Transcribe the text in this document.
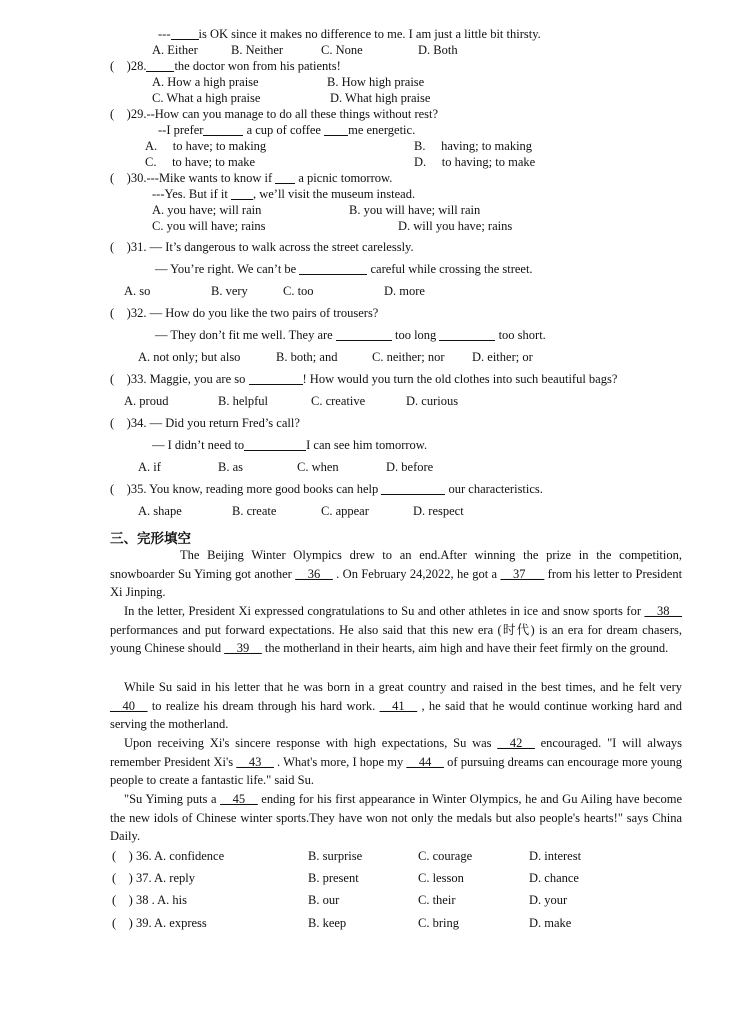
--- is OK since it makes no difference to me. I am just a little bit thirsty.
A. Either	B. Neither	C. None	D. Both
(    )28. the doctor won from his patients!
A. How a high praise	B. How high praise
C. What a high praise	D. What high praise
(    )29.--How can you manage to do all these things without rest?
--I prefer	a cup of coffee me energetic.
A.     to have; to making	B.     having; to making
C.     to have; to make	D.     to having; to make
(    )30.---Mike wants to know if a picnic tomorrow.
---Yes. But if it , we’ll visit the museum instead.
A. you have; will rain	B. you will have; will rain
C. you will have; rains	D. will you have; rains
(    )31. — It’s dangerous to walk across the street carelessly.
— You’re right. We can’t be	careful while crossing the street.
A. so	B. very	C. too	D. more
(    )32. — How do you like the two pairs of trousers?
— They don’t fit me well. They are	too long	too short.
A. not only; but also	B. both; and	C. neither; nor D. either; or
(    )33. Maggie, you are so	! How would you turn the old clothes into such beautiful bags?
A. proud	B. helpful	C. creative	D. curious
(    )34. — Did you return Fred’s call?
— I didn’t need to	I can see him tomorrow.
A. if	B. as	C. when	D. before
(    )35. You know, reading more good books can help	our characteristics.
A. shape	B. create	C. appear	D. respect
三、完形填空
The Beijing Winter Olympics drew to an end.After winning the prize in the competition, snowboarder Su Yiming got another __36__ . On February 24,2022, he got a __37___ from his letter to President Xi Jinping.
In the letter, President Xi expressed congratulations to Su and other athletes in ice and snow sports for __38__ performances and put forward expectations. He also said that this new era (时代) is an era for dream chasers, young Chinese should __39__ the motherland in their hearts, aim high and have their feet firmly on the ground.
While Su said in his letter that he was born in a great country and raised in the best times, and he felt very __40__ to realize his dream through his hard work. __41__ , he said that he would continue working hard and serving the motherland.
Upon receiving Xi's sincere response with high expectations, Su was __42__ encouraged. "I will always remember President Xi's __43__ . What's more, I hope my __44__ of pursuing dreams can encourage more young people to create a fantastic life." said Su.
"Su Yiming puts a __45__ ending for his first appearance in Winter Olympics, he and Gu Ailing have become the new idols of Chinese winter sports.They have won not only the medals but also people's hearts!" says China Daily.
(    ) 36. A. confidence	B. surprise	C. courage	D. interest
(    ) 37. A. reply	B. present	C. lesson	D. chance
(    ) 38 . A. his	B. our	C. their	D. your
(    ) 39. A. express	B. keep	C. bring	D. make
